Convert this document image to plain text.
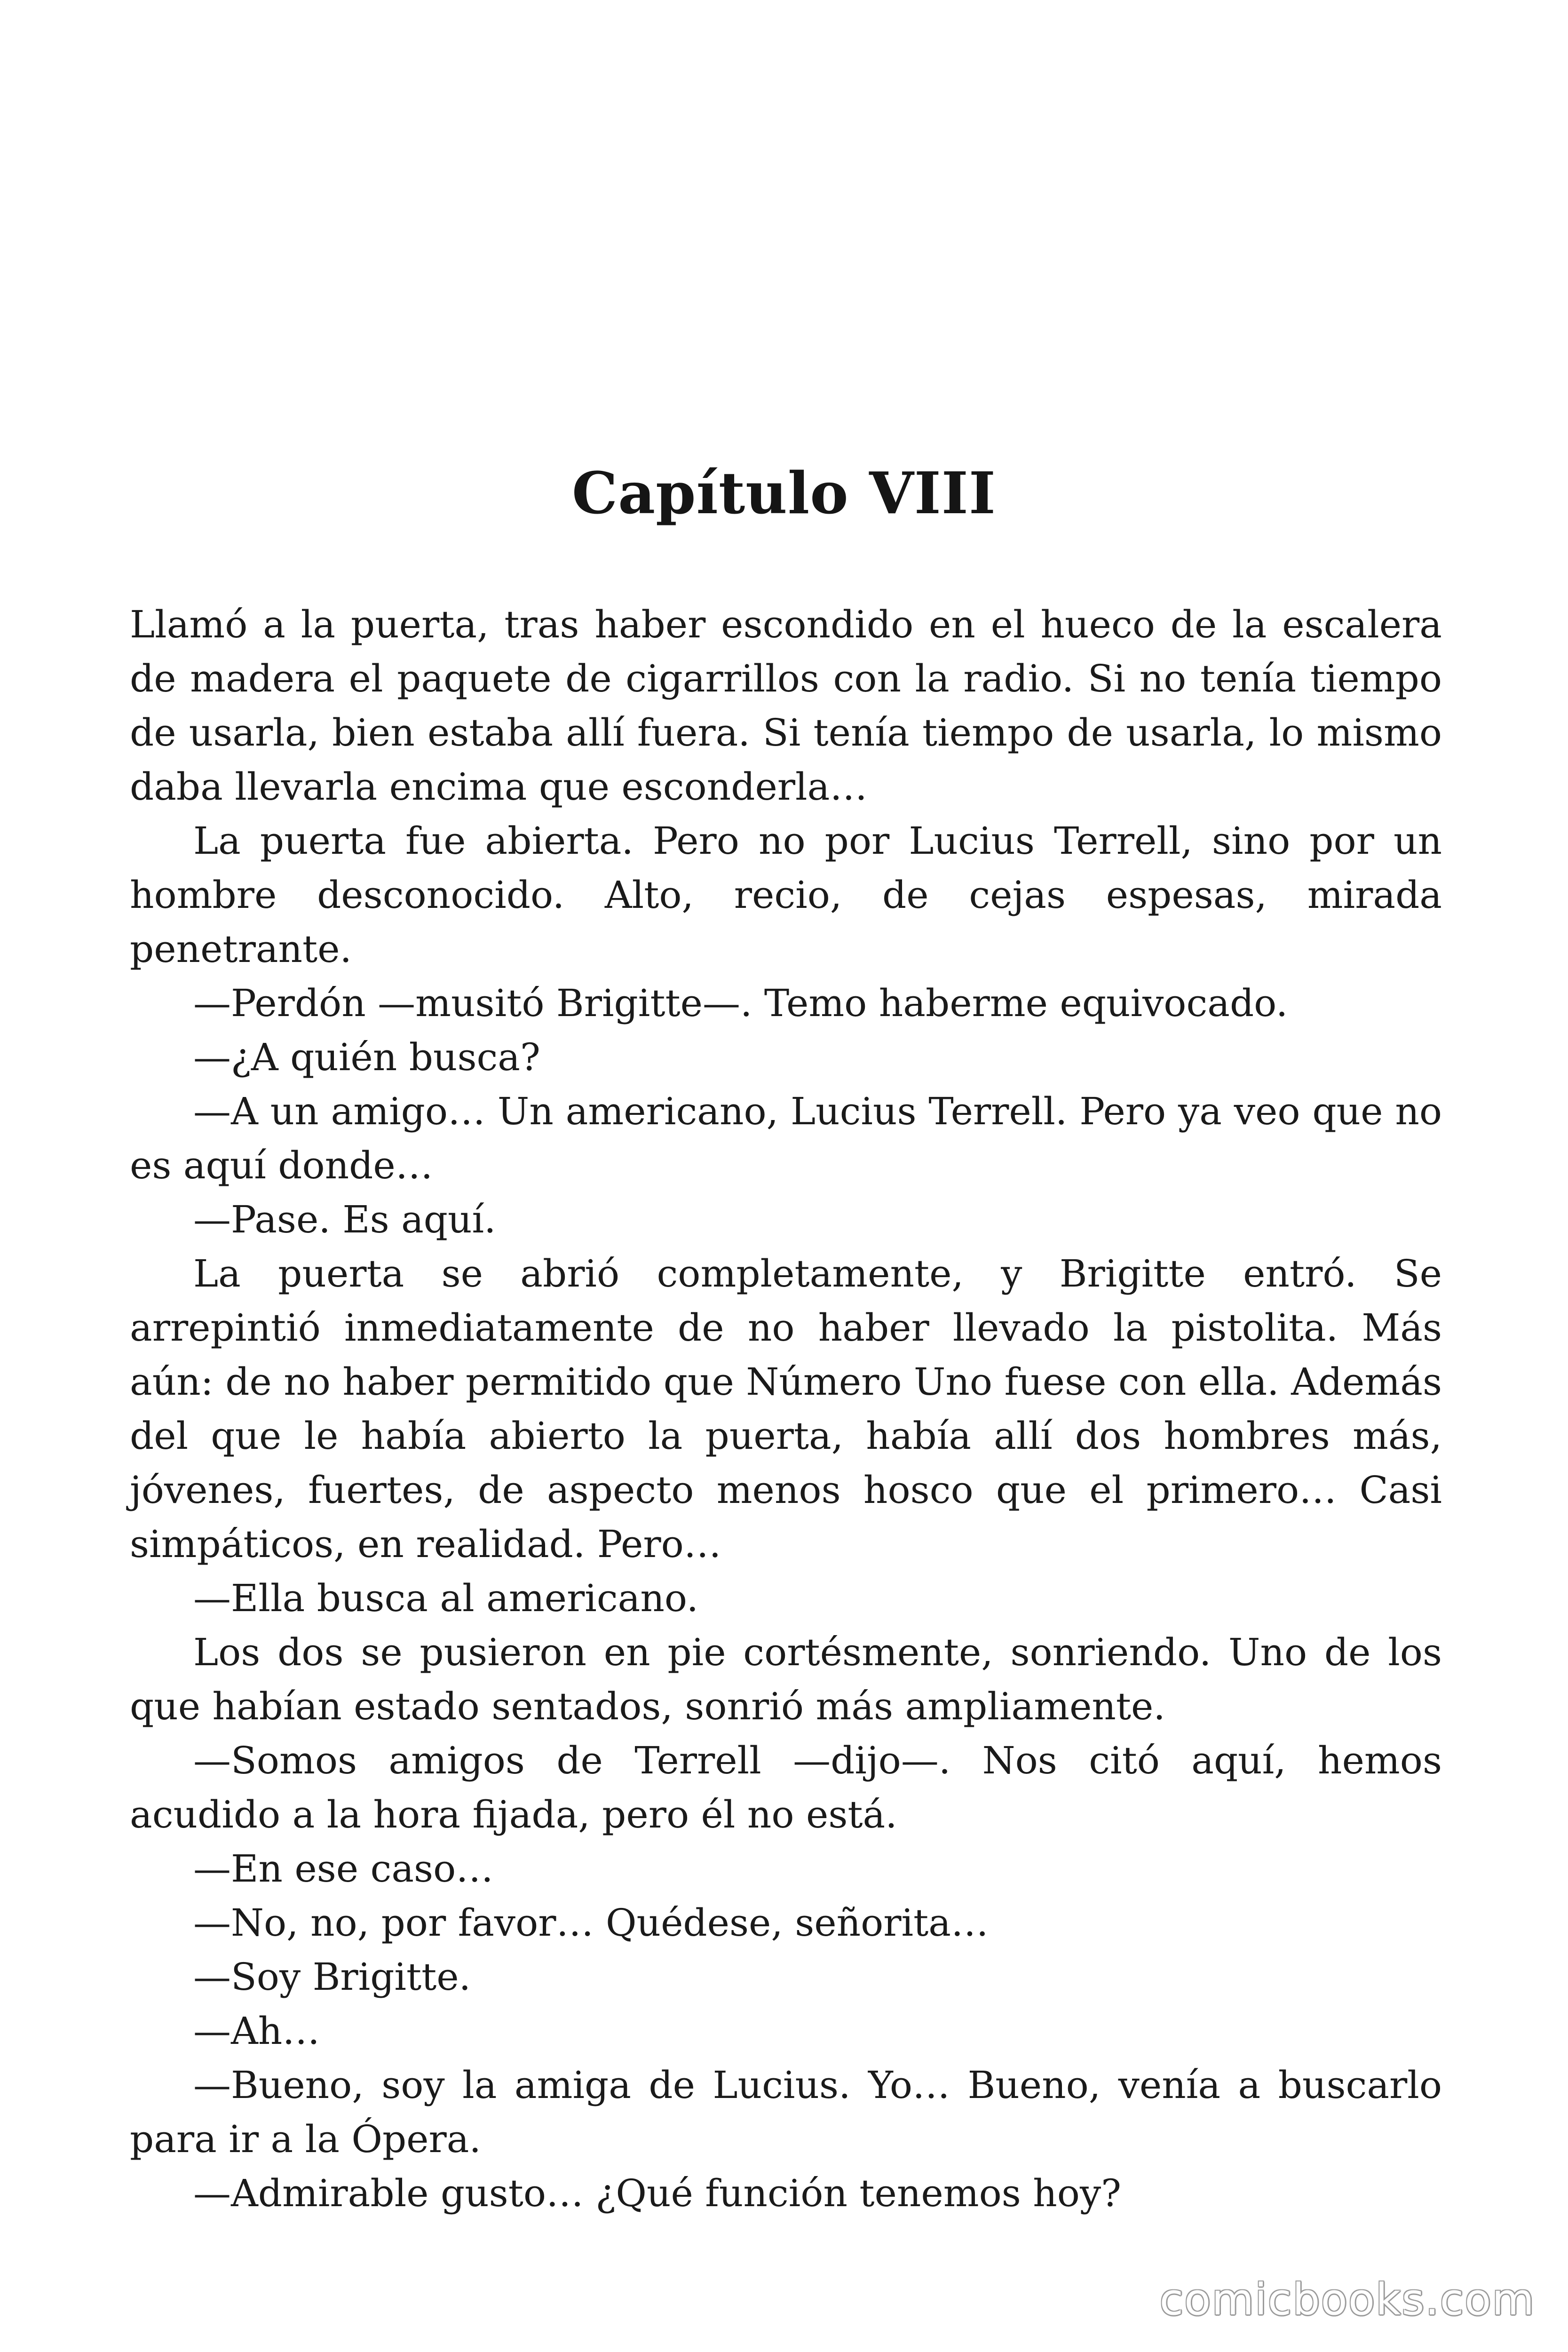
Capítulo VIII

Llamó a la puerta, tras haber escondido en el hueco de la escalera de madera el paquete de cigarrillos con la radio. Si no tenía tiempo de usarla, bien estaba allí fuera. Si tenía tiempo de usarla, lo mismo daba llevarla encima que esconderla…

La puerta fue abierta. Pero no por Lucius Terrell, sino por un hombre desconocido. Alto, recio, de cejas espesas, mirada penetrante.

—Perdón —musitó Brigitte—. Temo haberme equivocado.

—¿A quién busca?

—A un amigo… Un americano, Lucius Terrell. Pero ya veo que no es aquí donde…

—Pase. Es aquí.

La puerta se abrió completamente, y Brigitte entró. Se arrepintió inmediatamente de no haber llevado la pistolita. Más aún: de no haber permitido que Número Uno fuese con ella. Además del que le había abierto la puerta, había allí dos hombres más, jóvenes, fuertes, de aspecto menos hosco que el primero… Casi simpáticos, en realidad. Pero…

—Ella busca al americano.

Los dos se pusieron en pie cortésmente, sonriendo. Uno de los que habían estado sentados, sonrió más ampliamente.

—Somos amigos de Terrell —dijo—. Nos citó aquí, hemos acudido a la hora fijada, pero él no está.

—En ese caso…

—No, no, por favor… Quédese, señorita…

—Soy Brigitte.

—Ah…

—Bueno, soy la amiga de Lucius. Yo… Bueno, venía a buscarlo para ir a la Ópera.

—Admirable gusto… ¿Qué función tenemos hoy?

comicbooks.com
